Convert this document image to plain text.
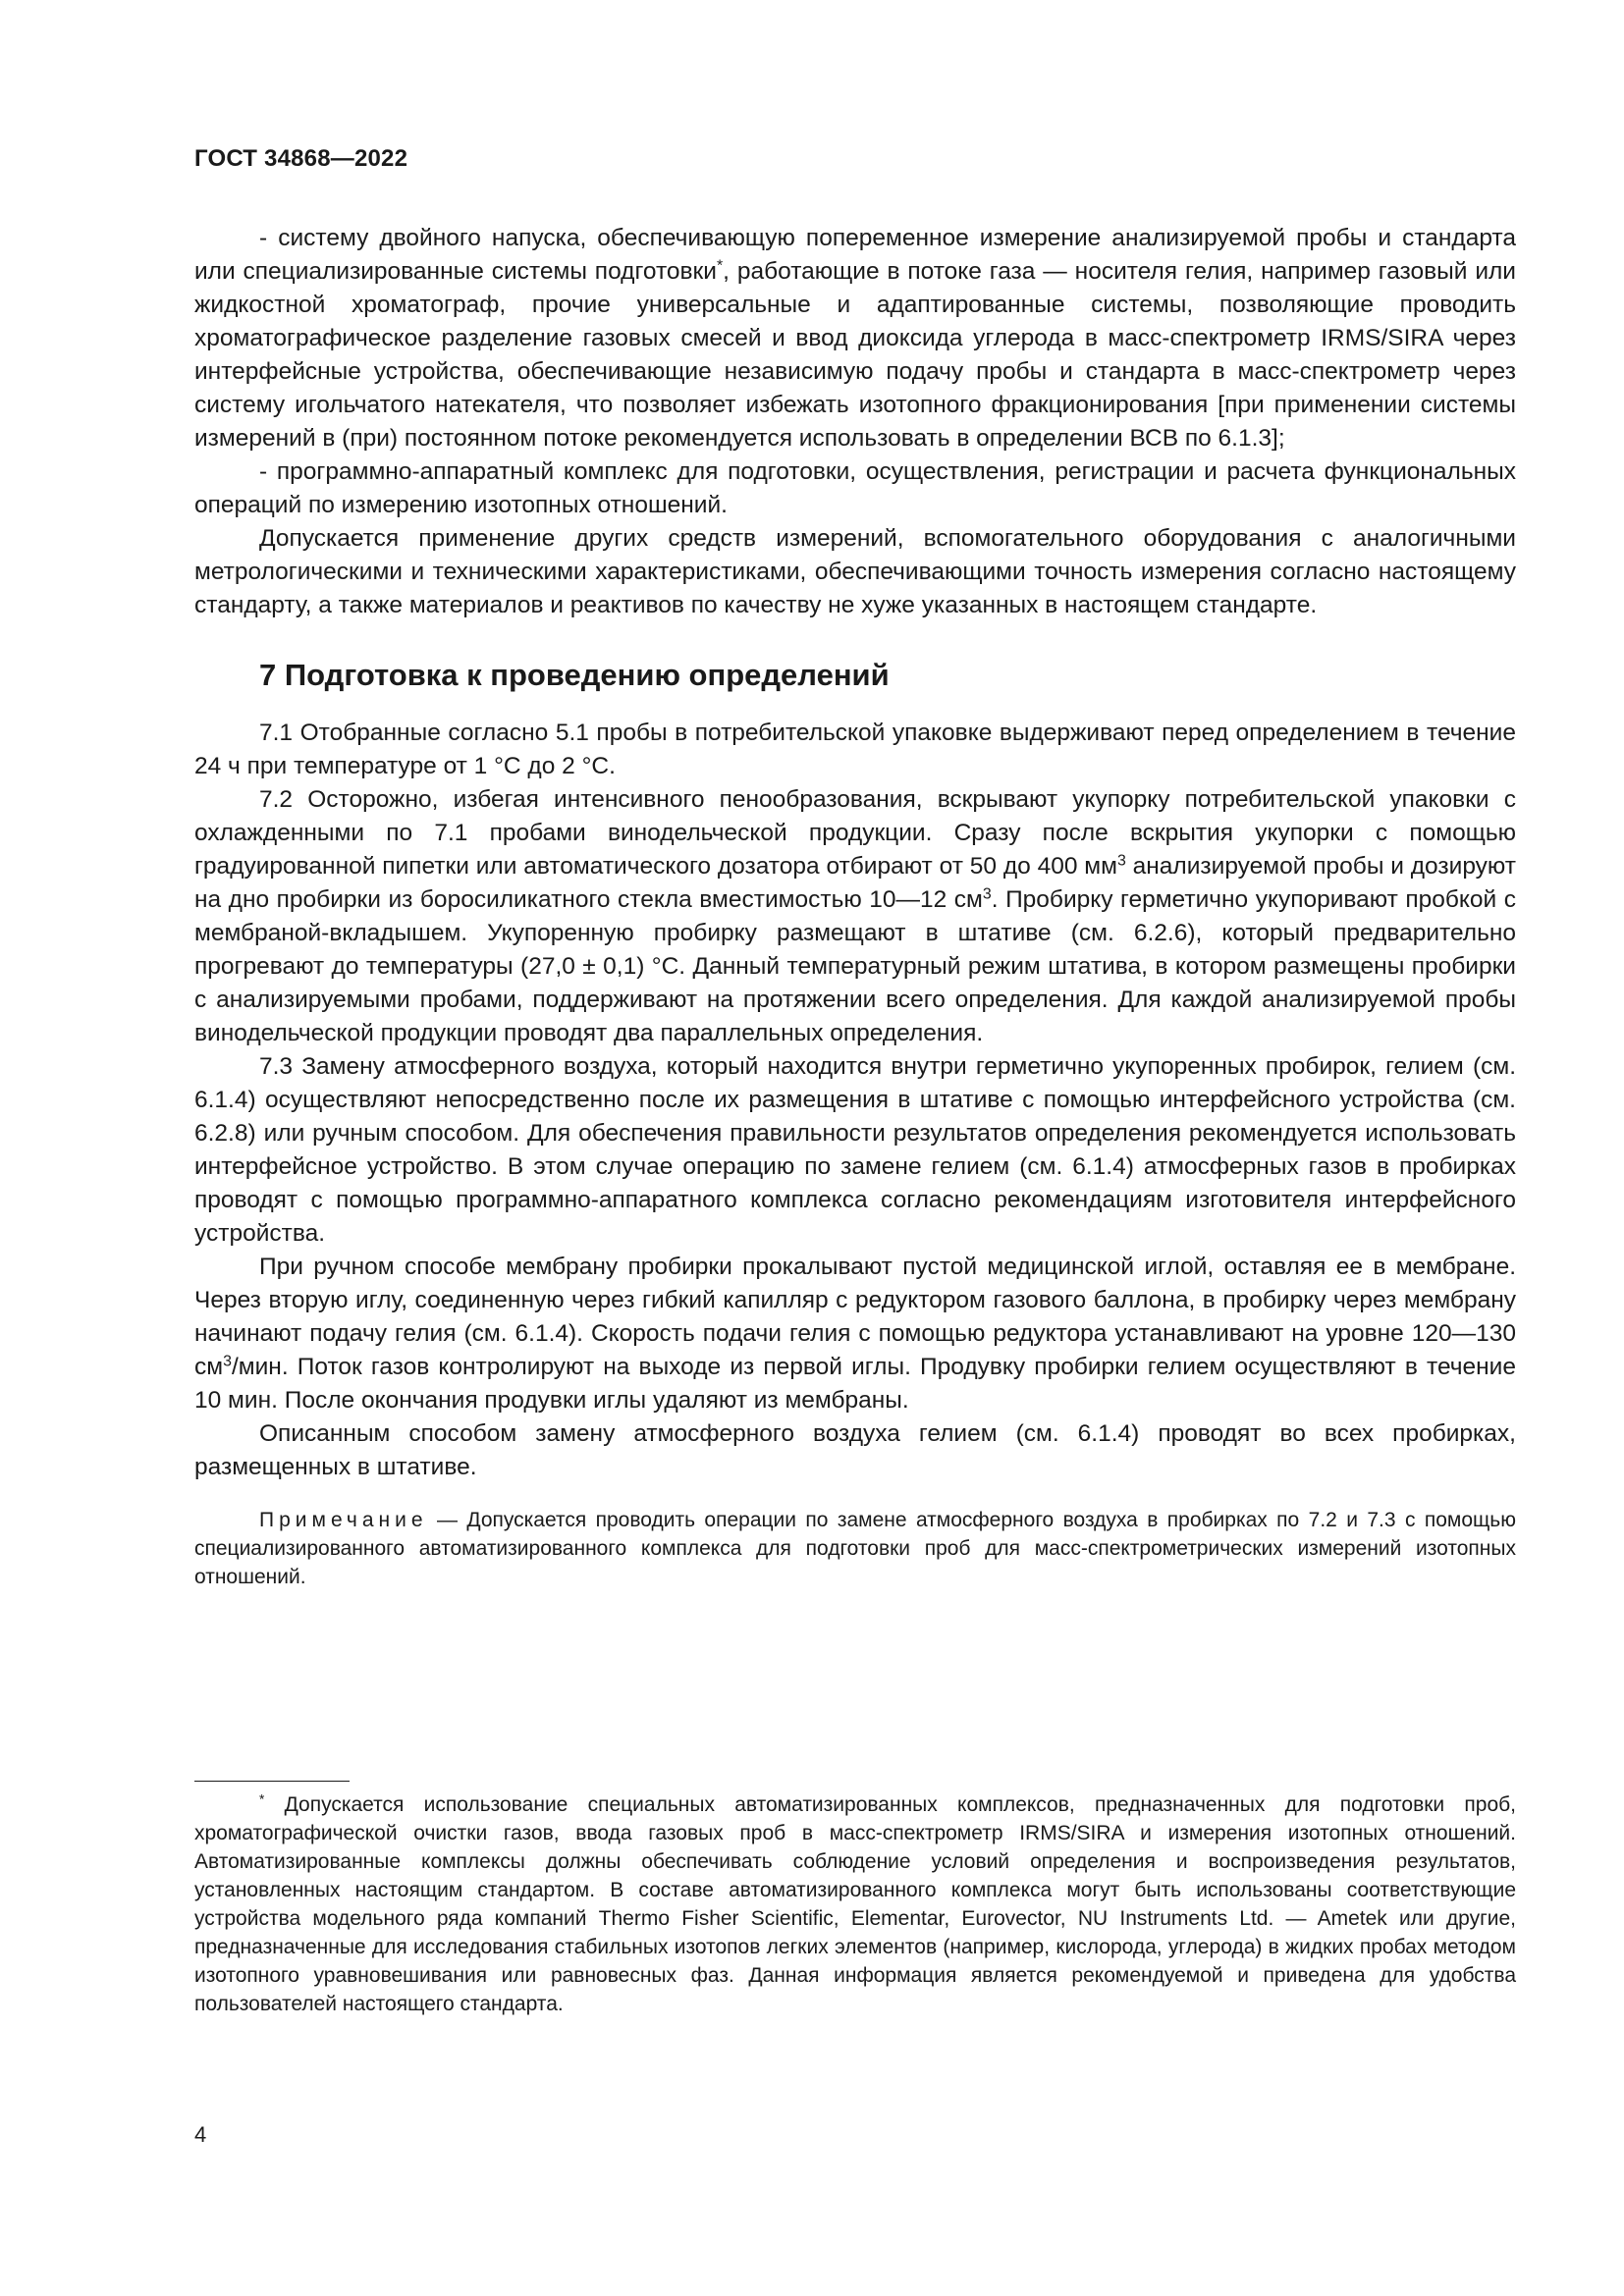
ГОСТ 34868—2022

- систему двойного напуска, обеспечивающую попеременное измерение анализируемой пробы и стандарта или специализированные системы подготовки*, работающие в потоке газа — носителя гелия, например газовый или жидкостной хроматограф, прочие универсальные и адаптированные системы, позволяющие проводить хроматографическое разделение газовых смесей и ввод диоксида углерода в масс-спектрометр IRMS/SIRA через интерфейсные устройства, обеспечивающие независимую подачу пробы и стандарта в масс-спектрометр через систему игольчатого натекателя, что позволяет избежать изотопного фракционирования [при применении системы измерений в (при) постоянном потоке рекомендуется использовать в определении ВСВ по 6.1.3];

- программно-аппаратный комплекс для подготовки, осуществления, регистрации и расчета функциональных операций по измерению изотопных отношений.

Допускается применение других средств измерений, вспомогательного оборудования с аналогичными метрологическими и техническими характеристиками, обеспечивающими точность измерения согласно настоящему стандарту, а также материалов и реактивов по качеству не хуже указанных в настоящем стандарте.

7 Подготовка к проведению определений

7.1 Отобранные согласно 5.1 пробы в потребительской упаковке выдерживают перед определением в течение 24 ч при температуре от 1 °С до 2 °С.

7.2 Осторожно, избегая интенсивного пенообразования, вскрывают укупорку потребительской упаковки с охлажденными по 7.1 пробами винодельческой продукции. Сразу после вскрытия укупорки с помощью градуированной пипетки или автоматического дозатора отбирают от 50 до 400 $мм^3$ анализируемой пробы и дозируют на дно пробирки из боросиликатного стекла вместимостью 10—12 $см^3$. Пробирку герметично укупоривают пробкой с мембраной-вкладышем. Укупоренную пробирку размещают в штативе (см. 6.2.6), который предварительно прогревают до температуры (27,0 ± 0,1) °С. Данный температурный режим штатива, в котором размещены пробирки с анализируемыми пробами, поддерживают на протяжении всего определения. Для каждой анализируемой пробы винодельческой продукции проводят два параллельных определения.

7.3 Замену атмосферного воздуха, который находится внутри герметично укупоренных пробирок, гелием (см. 6.1.4) осуществляют непосредственно после их размещения в штативе с помощью интерфейсного устройства (см. 6.2.8) или ручным способом. Для обеспечения правильности результатов определения рекомендуется использовать интерфейсное устройство. В этом случае операцию по замене гелием (см. 6.1.4) атмосферных газов в пробирках проводят с помощью программно-аппаратного комплекса согласно рекомендациям изготовителя интерфейсного устройства.

При ручном способе мембрану пробирки прокалывают пустой медицинской иглой, оставляя ее в мембране. Через вторую иглу, соединенную через гибкий капилляр с редуктором газового баллона, в пробирку через мембрану начинают подачу гелия (см. 6.1.4). Скорость подачи гелия с помощью редуктора устанавливают на уровне 120—130 $см^3$/мин. Поток газов контролируют на выходе из первой иглы. Продувку пробирки гелием осуществляют в течение 10 мин. После окончания продувки иглы удаляют из мембраны.

Описанным способом замену атмосферного воздуха гелием (см. 6.1.4) проводят во всех пробирках, размещенных в штативе.

Примечание — Допускается проводить операции по замене атмосферного воздуха в пробирках по 7.2 и 7.3 с помощью специализированного автоматизированного комплекса для подготовки проб для масс-спектрометрических измерений изотопных отношений.
* Допускается использование специальных автоматизированных комплексов, предназначенных для подготовки проб, хроматографической очистки газов, ввода газовых проб в масс-спектрометр IRMS/SIRA и измерения изотопных отношений. Автоматизированные комплексы должны обеспечивать соблюдение условий определения и воспроизведения результатов, установленных настоящим стандартом. В составе автоматизированного комплекса могут быть использованы соответствующие устройства модельного ряда компаний Thermo Fisher Scientific, Elementar, Eurovector, NU Instruments Ltd. — Ametek или другие, предназначенные для исследования стабильных изотопов легких элементов (например, кислорода, углерода) в жидких пробах методом изотопного уравновешивания или равновесных фаз. Данная информация является рекомендуемой и приведена для удобства пользователей настоящего стандарта.
4
